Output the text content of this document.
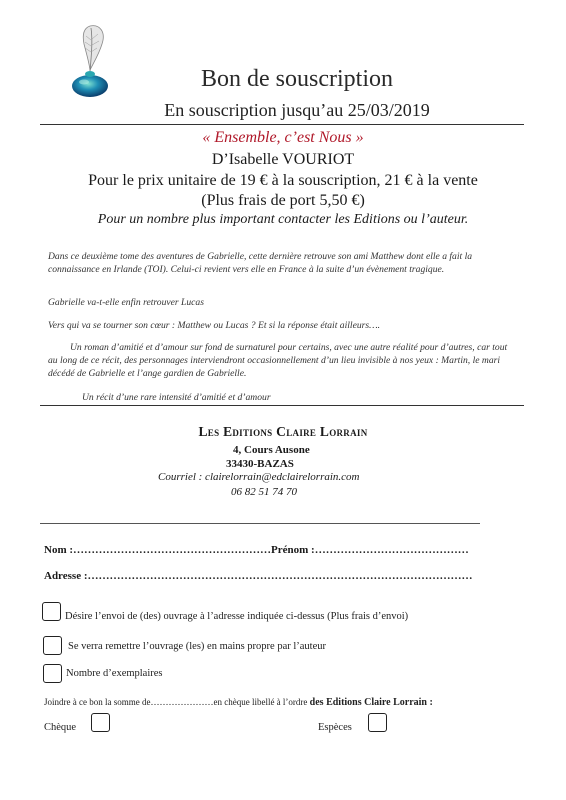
Bon de souscription
En souscription jusqu’au 25/03/2019
« Ensemble, c’est Nous »
D’Isabelle VOURIOT
Pour le prix unitaire de 19 € à la souscription, 21 € à la vente
(Plus frais de port 5,50 €)
Pour un nombre plus important contacter les Editions ou l’auteur.
Dans ce deuxième tome des aventures de Gabrielle, cette dernière retrouve son ami Matthew dont elle a fait la connaissance en Irlande (TOI). Celui-ci revient vers elle en France à la suite d’un évènement tragique.
Gabrielle va-t-elle enfin retrouver Lucas
Vers qui va se tourner son cœur : Matthew ou Lucas ? Et si la réponse était ailleurs….
Un roman d’amitié et d’amour sur fond de surnaturel pour certains, avec une autre réalité pour d’autres, car tout au long de ce récit, des personnages interviendront occasionnellement d’un lieu invisible à nos yeux : Martin, le mari décédé de Gabrielle et l’ange gardien de Gabrielle.
Un récit d’une rare intensité d’amitié et d’amour
Les Editions Claire Lorrain
4, Cours Ausone
33430-BAZAS
Courriel : clairelorrain@edclairelorrain.com
06 82 51 74 70
Nom :………………………………………………Prénom :……………………………………
Adresse :……………………………………………………………………………………………
Désire l’envoi de (des) ouvrage à l’adresse indiquée ci-dessus (Plus frais d’envoi)
Se verra remettre l’ouvrage (les) en mains propre par l’auteur
Nombre d’exemplaires
Joindre à ce bon la somme de…………………en chèque libellé à l’ordre des Editions Claire Lorrain :
Chèque	Espèces
